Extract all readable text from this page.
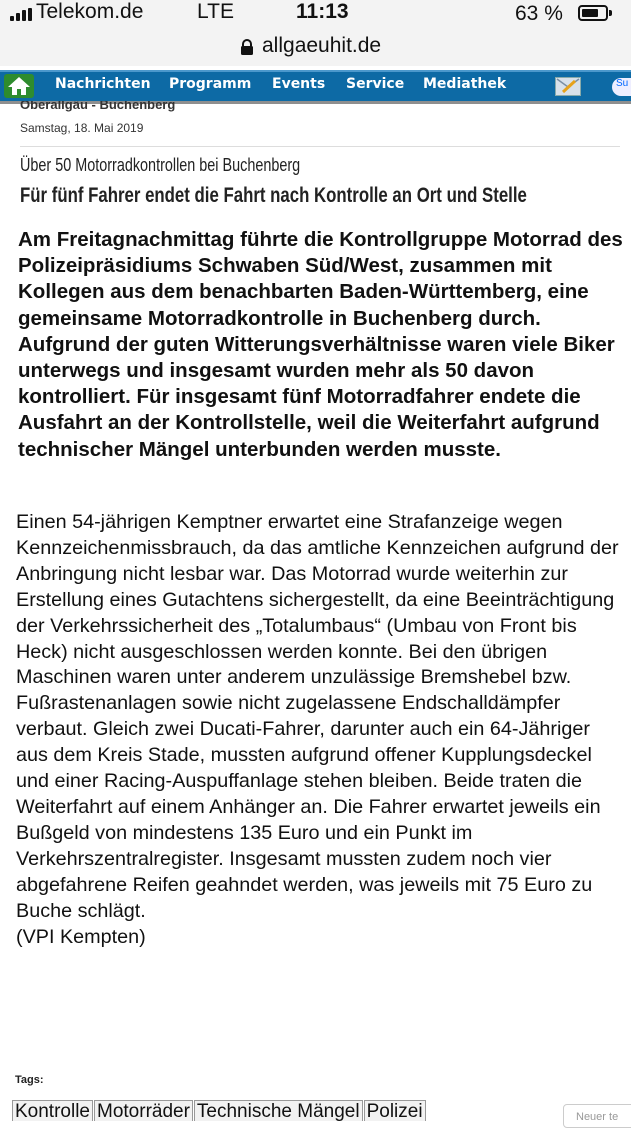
Telekom.de	LTE	11:13	63 %
allgaeuhit.de
Nachrichten Programm Events Service Mediathek	Su
Oberallgäu - Buchenberg
Samstag, 18. Mai 2019
Über 50 Motorradkontrollen bei Buchenberg
Für fünf Fahrer endet die Fahrt nach Kontrolle an Ort und Stelle
Am Freitagnachmittag führte die Kontrollgruppe Motorrad des Polizeipräsidiums Schwaben Süd/West, zusammen mit Kollegen aus dem benachbarten Baden-Württemberg, eine gemeinsame Motorradkontrolle in Buchenberg durch. Aufgrund der guten Witterungsverhältnisse waren viele Biker unterwegs und insgesamt wurden mehr als 50 davon kontrolliert. Für insgesamt fünf Motorradfahrer endete die Ausfahrt an der Kontrollstelle, weil die Weiterfahrt aufgrund technischer Mängel unterbunden werden musste.
Einen 54-jährigen Kemptner erwartet eine Strafanzeige wegen Kennzeichenmissbrauch, da das amtliche Kennzeichen aufgrund der Anbringung nicht lesbar war. Das Motorrad wurde weiterhin zur Erstellung eines Gutachtens sichergestellt, da eine Beeinträchtigung der Verkehrssicherheit des „Totalumbaus“ (Umbau von Front bis Heck) nicht ausgeschlossen werden konnte. Bei den übrigen Maschinen waren unter anderem unzulässige Bremshebel bzw. Fußrastenanlagen sowie nicht zugelassene Endschalldämpfer verbaut. Gleich zwei Ducati-Fahrer, darunter auch ein 64-Jähriger aus dem Kreis Stade, mussten aufgrund offener Kupplungsdeckel und einer Racing-Auspuffanlage stehen bleiben. Beide traten die Weiterfahrt auf einem Anhänger an. Die Fahrer erwartet jeweils ein Bußgeld von mindestens 135 Euro und ein Punkt im Verkehrszentralregister. Insgesamt mussten zudem noch vier abgefahrene Reifen geahndet werden, was jeweils mit 75 Euro zu Buche schlägt.
(VPI Kempten)
Tags:
Kontrolle Motorräder Technische Mängel Polizei	Neuer te
